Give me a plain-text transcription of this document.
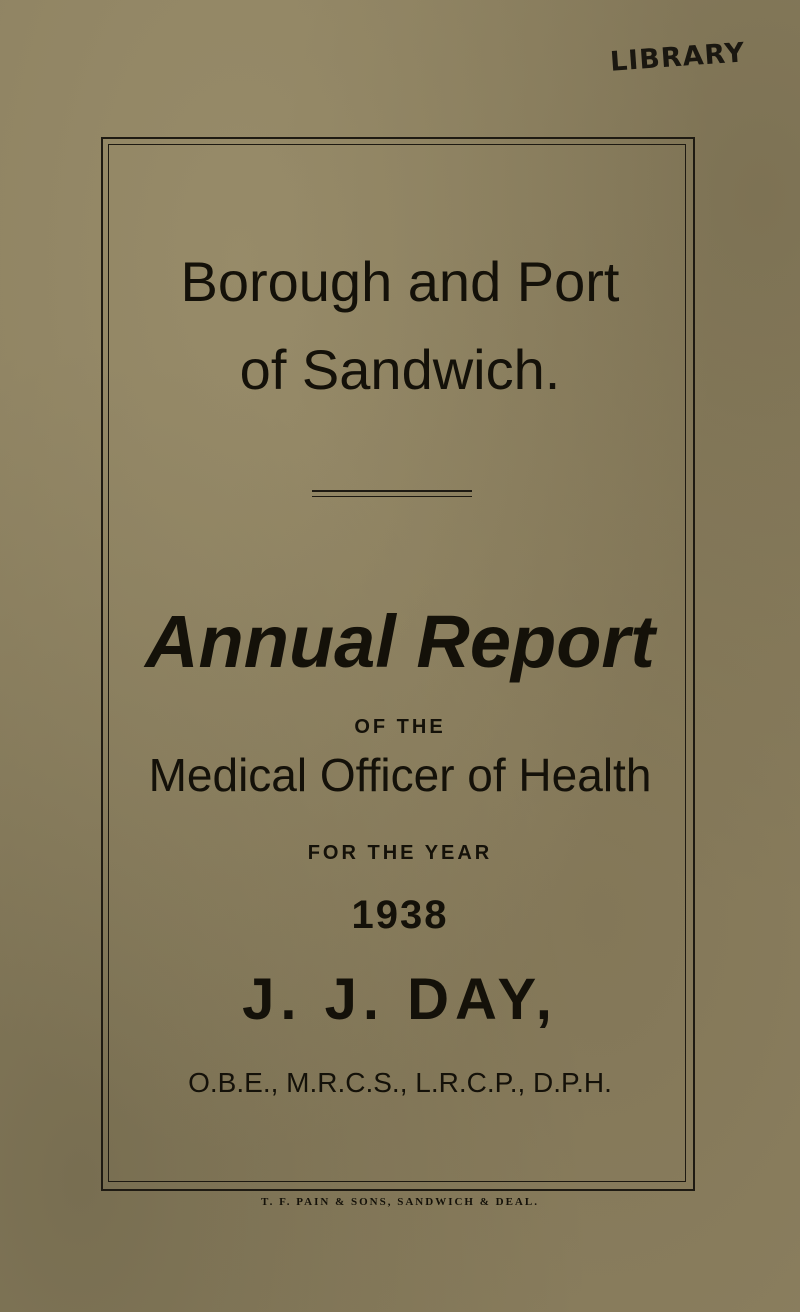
LIBRARY
Borough and Port
of Sandwich.
Annual Report
OF THE
Medical Officer of Health
FOR THE YEAR
1938
J. J. DAY,
O.B.E., M.R.C.S., L.R.C.P., D.P.H.
T. F. PAIN & SONS, SANDWICH & DEAL.
